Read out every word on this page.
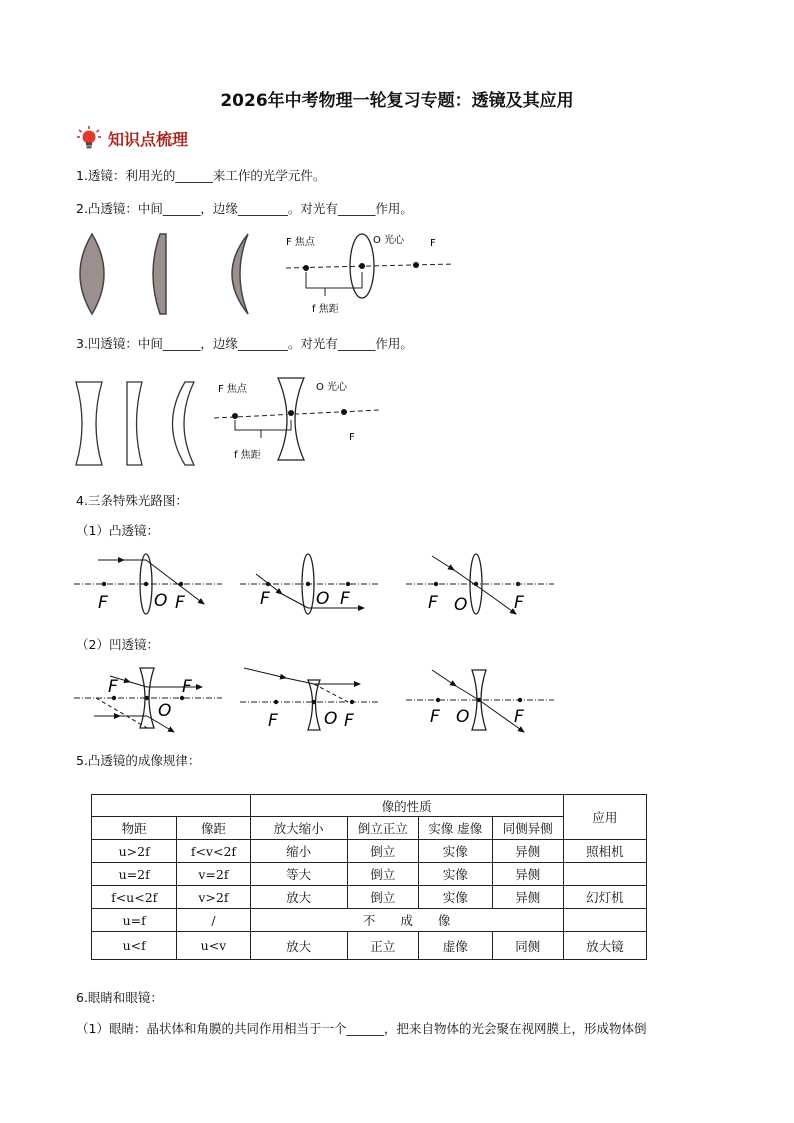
2026年中考物理一轮复习专题：透镜及其应用
知识点梳理
1.透镜：利用光的______来工作的光学元件。
2.凸透镜：中间______，边缘________。对光有______作用。
F 焦点	O 光心	F
f 焦距
3.凹透镜：中间______，边缘________。对光有______作用。
F 焦点	O 光心
F
f 焦距
4.三条特殊光路图：
（1）凸透镜：
F	O F	F	O F	F O	F
（2）凹透镜：
F
O
F
F	O F	F O	F
5.凸透镜的成像规律：
		像的性质				应用
物距	像距	放大缩小	倒立正立	实像 虚像	同侧异侧	
u>2f	f<v<2f	缩小	倒立	实像	异侧	照相机
u=2f	v=2f	等大	倒立	实像	异侧	
f<u<2f	v>2f	放大	倒立	实像	异侧	幻灯机
u=f	/	不　　成　　像				
u<f	u<v	放大	正立	虚像	同侧	放大镜
6.眼睛和眼镜：
（1）眼睛：晶状体和角膜的共同作用相当于一个______，把来自物体的光会聚在视网膜上，形成物体倒
